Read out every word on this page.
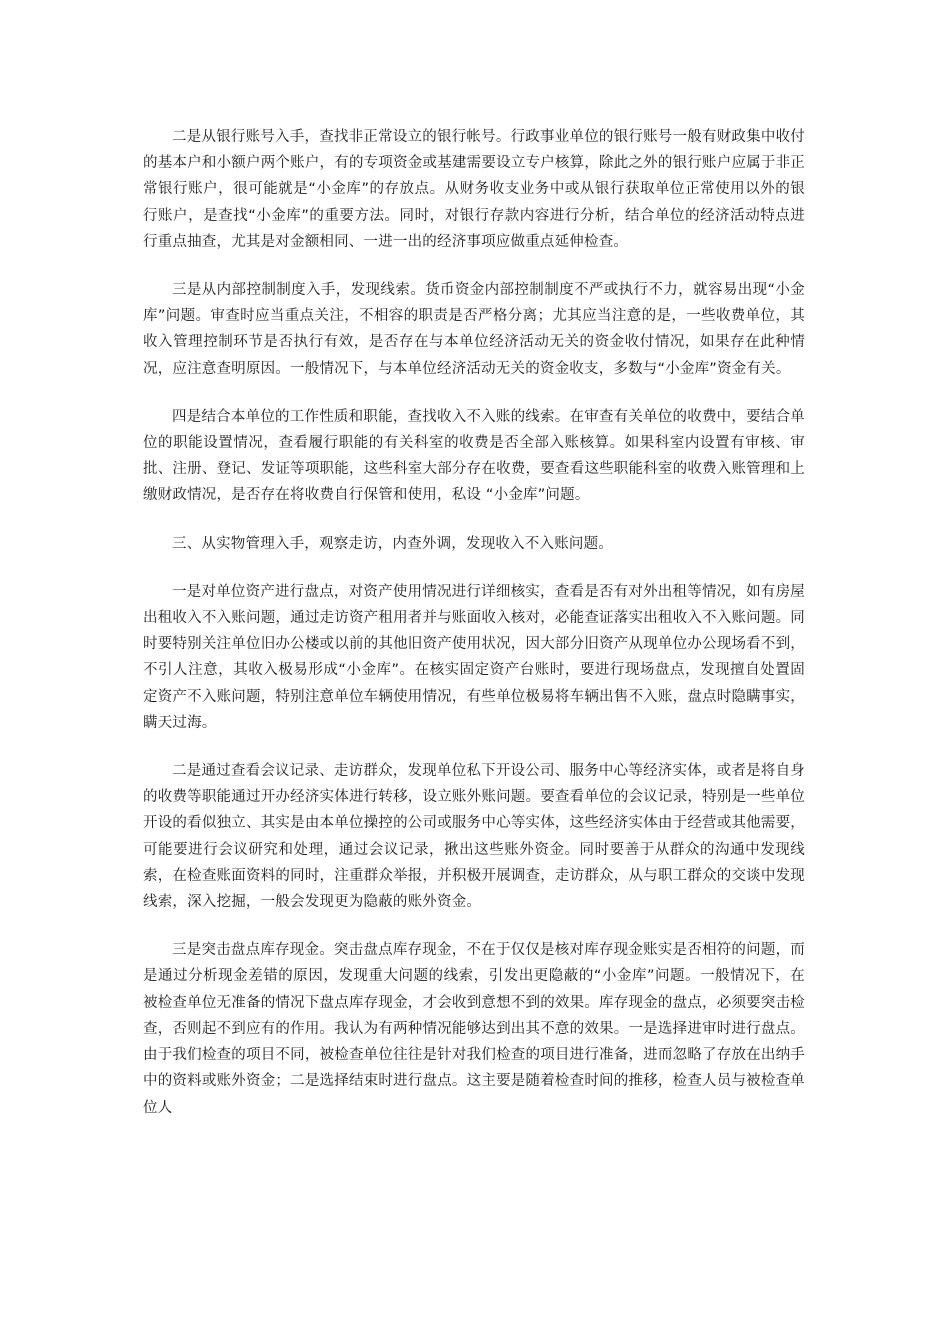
二是从银行账号入手，查找非正常设立的银行帐号。行政事业单位的银行账号一般有财政集中收付的基本户和小额户两个账户，有的专项资金或基建需要设立专户核算，除此之外的银行账户应属于非正常银行账户，很可能就是“小金库”的存放点。从财务收支业务中或从银行获取单位正常使用以外的银行账户，是查找“小金库”的重要方法。同时，对银行存款内容进行分析，结合单位的经济活动特点进行重点抽查，尤其是对金额相同、一进一出的经济事项应做重点延伸检查。

三是从内部控制制度入手，发现线索。货币资金内部控制制度不严或执行不力，就容易出现“小金库”问题。审查时应当重点关注，不相容的职责是否严格分离；尤其应当注意的是，一些收费单位，其收入管理控制环节是否执行有效，是否存在与本单位经济活动无关的资金收付情况，如果存在此种情况，应注意查明原因。一般情况下，与本单位经济活动无关的资金收支，多数与“小金库”资金有关。

四是结合本单位的工作性质和职能，查找收入不入账的线索。在审查有关单位的收费中，要结合单位的职能设置情况，查看履行职能的有关科室的收费是否全部入账核算。如果科室内设置有审核、审批、注册、登记、发证等项职能，这些科室大部分存在收费，要查看这些职能科室的收费入账管理和上缴财政情况，是否存在将收费自行保管和使用，私设 “小金库”问题。

三、从实物管理入手，观察走访，内查外调，发现收入不入账问题。

一是对单位资产进行盘点，对资产使用情况进行详细核实，查看是否有对外出租等情况，如有房屋出租收入不入账问题，通过走访资产租用者并与账面收入核对，必能查证落实出租收入不入账问题。同时要特别关注单位旧办公楼或以前的其他旧资产使用状况，因大部分旧资产从现单位办公现场看不到，不引人注意，其收入极易形成“小金库”。在核实固定资产台账时，要进行现场盘点，发现擅自处置固定资产不入账问题，特别注意单位车辆使用情况，有些单位极易将车辆出售不入账，盘点时隐瞒事实，瞒天过海。

二是通过查看会议记录、走访群众，发现单位私下开设公司、服务中心等经济实体，或者是将自身的收费等职能通过开办经济实体进行转移，设立账外账问题。要查看单位的会议记录，特别是一些单位开设的看似独立、其实是由本单位操控的公司或服务中心等实体，这些经济实体由于经营或其他需要，可能要进行会议研究和处理，通过会议记录，揪出这些账外资金。同时要善于从群众的沟通中发现线索，在检查账面资料的同时，注重群众举报，并积极开展调查，走访群众，从与职工群众的交谈中发现线索，深入挖掘，一般会发现更为隐蔽的账外资金。

三是突击盘点库存现金。突击盘点库存现金，不在于仅仅是核对库存现金账实是否相符的问题，而是通过分析现金差错的原因，发现重大问题的线索，引发出更隐蔽的“小金库”问题。一般情况下，在被检查单位无准备的情况下盘点库存现金，才会收到意想不到的效果。库存现金的盘点，必须要突击检查，否则起不到应有的作用。我认为有两种情况能够达到出其不意的效果。一是选择进审时进行盘点。由于我们检查的项目不同，被检查单位往往是针对我们检查的项目进行准备，进而忽略了存放在出纳手中的资料或账外资金；二是选择结束时进行盘点。这主要是随着检查时间的推移，检查人员与被检查单位人
